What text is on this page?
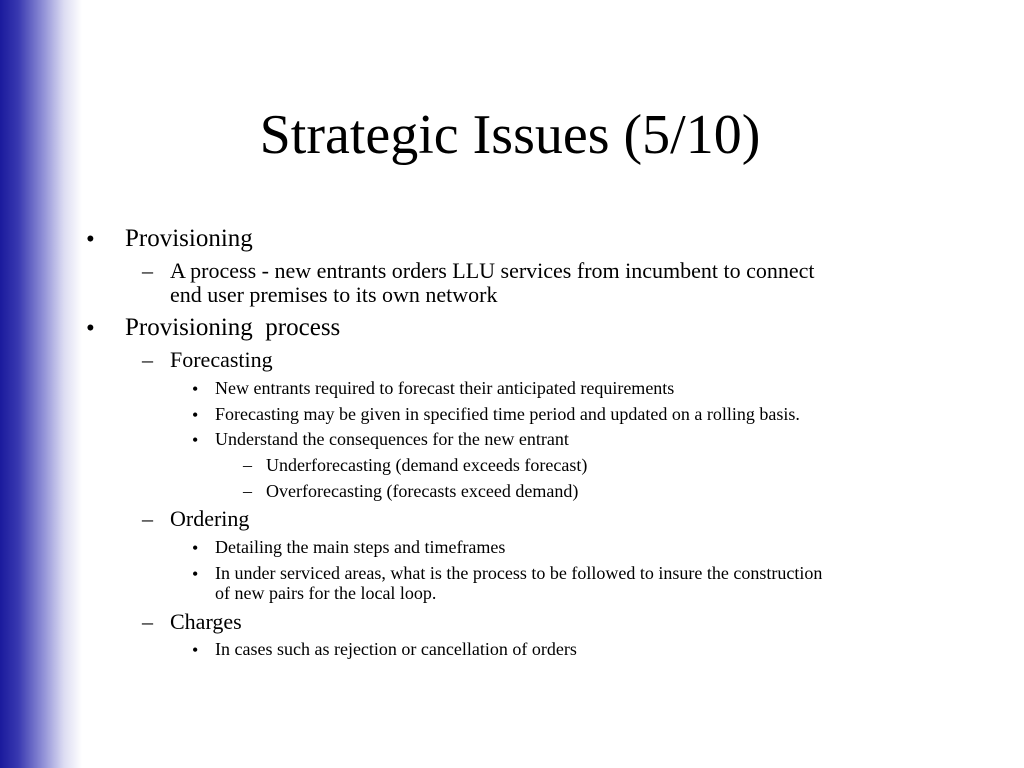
Strategic Issues (5/10)
• Provisioning
– A process - new entrants orders LLU services from incumbent to connect
end user premises to its own network
• Provisioning  process
– Forecasting
• New entrants required to forecast their anticipated requirements
• Forecasting may be given in specified time period and updated on a rolling basis.
• Understand the consequences for the new entrant
– Underforecasting (demand exceeds forecast)
– Overforecasting (forecasts exceed demand)
– Ordering
• Detailing the main steps and timeframes
• In under serviced areas, what is the process to be followed to insure the construction
of new pairs for the local loop.
– Charges
• In cases such as rejection or cancellation of orders
